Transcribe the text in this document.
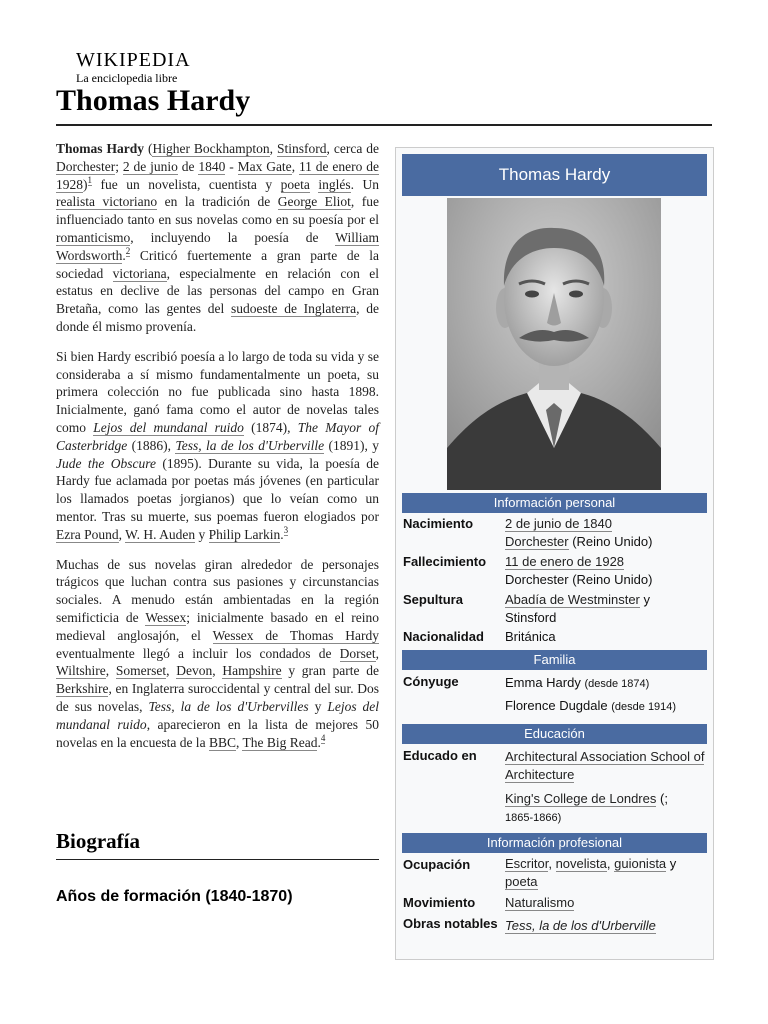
WIKIPEDIA
La enciclopedia libre
Thomas Hardy

Thomas Hardy (Higher Bockhampton, Stinsford, cerca de Dorchester; 2 de junio de 1840 - Max Gate, 11 de enero de 1928)$^1$ fue un novelista, cuentista y poeta inglés. Un realista victoriano en la tradición de George Eliot, fue influenciado tanto en sus novelas como en su poesía por el romanticismo, incluyendo la poesía de William Wordsworth.$^2$ Criticó fuertemente a gran parte de la sociedad victoriana, especialmente en relación con el estatus en declive de las personas del campo en Gran Bretaña, como las gentes del sudoeste de Inglaterra, de donde él mismo provenía.

Si bien Hardy escribió poesía a lo largo de toda su vida y se consideraba a sí mismo fundamentalmente un poeta, su primera colección no fue publicada sino hasta 1898. Inicialmente, ganó fama como el autor de novelas tales como Lejos del mundanal ruido (1874), The Mayor of Casterbridge (1886), Tess, la de los d'Urberville (1891), y Jude the Obscure (1895). Durante su vida, la poesía de Hardy fue aclamada por poetas más jóvenes (en particular los llamados poetas jorgianos) que lo veían como un mentor. Tras su muerte, sus poemas fueron elogiados por Ezra Pound, W. H. Auden y Philip Larkin.$^3$

Muchas de sus novelas giran alrededor de personajes trágicos que luchan contra sus pasiones y circunstancias sociales. A menudo están ambientadas en la región semificticia de Wessex; inicialmente basado en el reino medieval anglosajón, el Wessex de Thomas Hardy eventualmente llegó a incluir los condados de Dorset, Wiltshire, Somerset, Devon, Hampshire y gran parte de Berkshire, en Inglaterra suroccidental y central del sur. Dos de sus novelas, Tess, la de los d'Urbervilles y Lejos del mundanal ruido, aparecieron en la lista de mejores 50 novelas en la encuesta de la BBC, The Big Read.$^4$

Biografía
Años de formación (1840-1870)
Thomas Hardy
Información personal
Nacimiento	2 de junio de 1840
Dorchester (Reino Unido)
Fallecimiento	11 de enero de 1928
Dorchester (Reino Unido)
Sepultura	Abadía de Westminster y
Stinsford
Nacionalidad	Británica
Familia
Cónyuge	Emma Hardy (desde 1874)
Florence Dugdale (desde 1914)
Educación
Educado en	Architectural Association School of Architecture
King's College de Londres (;
1865-1866)
Información profesional
Ocupación	Escritor, novelista, guionista y
poeta
Movimiento	Naturalismo
Obras notables Tess, la de los d'Urberville
